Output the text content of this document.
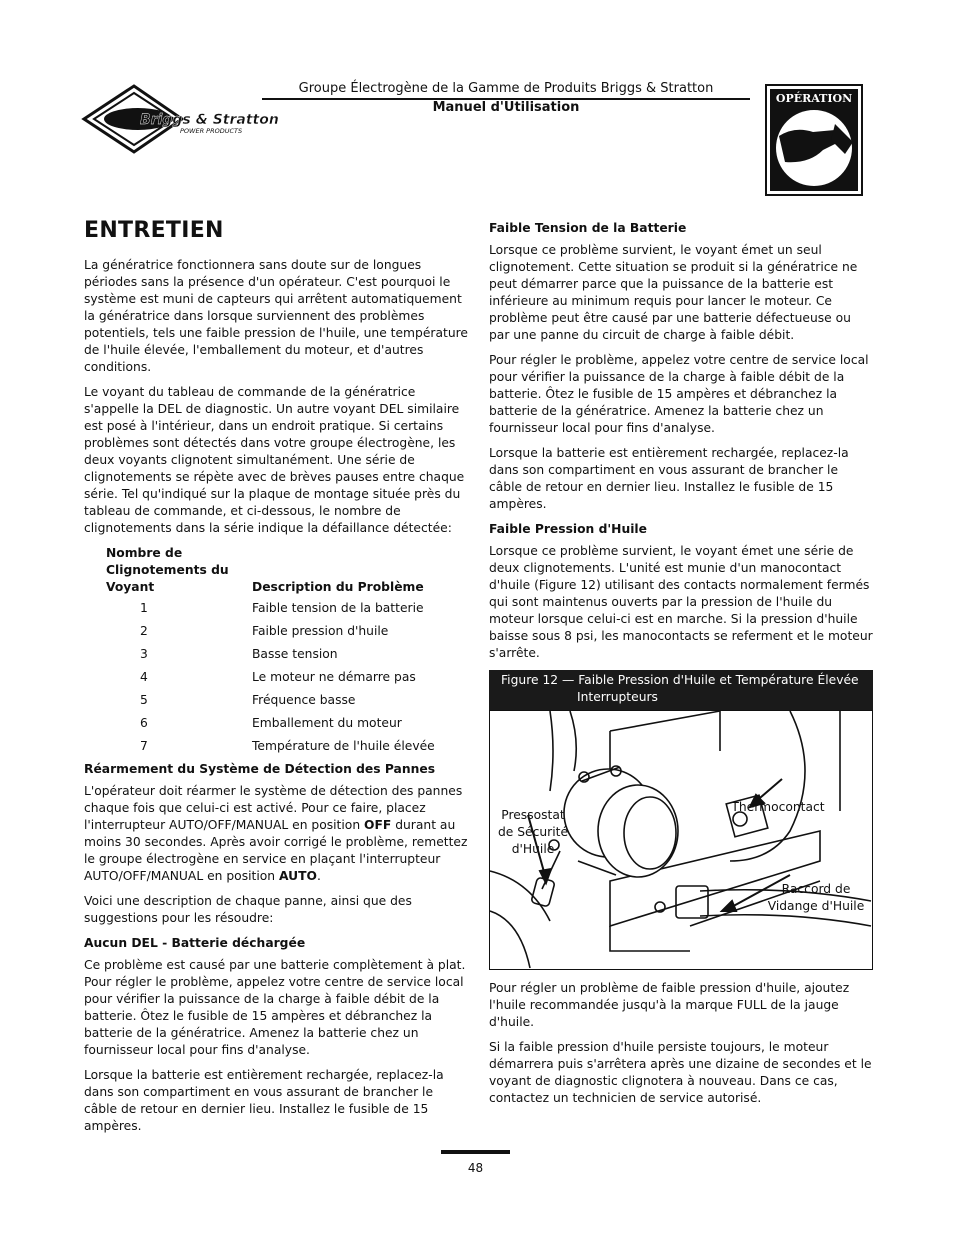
Briggs & Stratton
POWER PRODUCTS
Groupe Électrogène de la Gamme de Produits Briggs & Stratton
Manuel d'Utilisation
OPÉRATION
ENTRETIEN

La génératrice fonctionnera sans doute sur de longues périodes sans la présence d'un opérateur. C'est pourquoi le système est muni de capteurs qui arrêtent automatiquement la génératrice dans lorsque surviennent des problèmes potentiels, tels une faible pression de l'huile, une température de l'huile élevée, l'emballement du moteur, et d'autres conditions.

Le voyant du tableau de commande de la génératrice s'appelle la DEL de diagnostic. Un autre voyant DEL similaire est posé à l'intérieur, dans un endroit pratique. Si certains problèmes sont détectés dans votre groupe électrogène, les deux voyants clignotent simultanément. Une série de clignotements se répète avec de brèves pauses entre chaque série. Tel qu'indiqué sur la plaque de montage située près du tableau de commande, et ci-dessous, le nombre de clignotements dans la série indique la défaillance détectée:

Nombre de Clignotements du Voyant	Description du Problème
1	Faible tension de la batterie
2	Faible pression d'huile
3	Basse tension
4	Le moteur ne démarre pas
5	Fréquence basse
6	Emballement du moteur
7	Température de l'huile élevée
Réarmement du Système de Détection des Pannes

L'opérateur doit réarmer le système de détection des pannes chaque fois que celui-ci est activé. Pour ce faire, placez l'interrupteur AUTO/OFF/MANUAL en position OFF durant au moins 30 secondes. Après avoir corrigé le problème, remettez le groupe électrogène en service en plaçant l'interrupteur AUTO/OFF/MANUAL en position AUTO.

Voici une description de chaque panne, ainsi que des suggestions pour les résoudre:

Aucun DEL - Batterie déchargée

Ce problème est causé par une batterie complètement à plat. Pour régler le problème, appelez votre centre de service local pour vérifier la puissance de la charge à faible débit de la batterie. Ôtez le fusible de 15 ampères et débranchez la batterie de la génératrice. Amenez la batterie chez un fournisseur local pour fins d'analyse.

Lorsque la batterie est entièrement rechargée, replacez-la dans son compartiment en vous assurant de brancher le câble de retour en dernier lieu. Installez le fusible de 15 ampères.

Faible Tension de la Batterie

Lorsque ce problème survient, le voyant émet un seul clignotement. Cette situation se produit si la génératrice ne peut démarrer parce que la puissance de la batterie est inférieure au minimum requis pour lancer le moteur. Ce problème peut être causé par une batterie défectueuse ou par une panne du circuit de charge à faible débit.

Pour régler le problème, appelez votre centre de service local pour vérifier la puissance de la charge à faible débit de la batterie. Ôtez le fusible de 15 ampères et débranchez la batterie de la génératrice. Amenez la batterie chez un fournisseur local pour fins d'analyse.

Lorsque la batterie est entièrement rechargée, replacez-la dans son compartiment en vous assurant de brancher le câble de retour en dernier lieu. Installez le fusible de 15 ampères.

Faible Pression d'Huile

Lorsque ce problème survient, le voyant émet une série de deux clignotements. L'unité est munie d'un manocontact d'huile (Figure 12) utilisant des contacts normalement fermés qui sont maintenus ouverts par la pression de l'huile du moteur lorsque celui-ci est en marche. Si la pression d'huile baisse sous 8 psi, les manocontacts se referment et le moteur s'arrête.

Figure 12 — Faible Pression d'Huile et Température Élevée
Interrupteurs
Pressostat de Sécurité d'Huile
Thermocontact
Raccord de Vidange d'Huile

Pour régler un problème de faible pression d'huile, ajoutez l'huile recommandée jusqu'à la marque FULL de la jauge d'huile.

Si la faible pression d'huile persiste toujours, le moteur démarrera puis s'arrêtera après une dizaine de secondes et le voyant de diagnostic clignotera à nouveau. Dans ce cas, contactez un technicien de service autorisé.

48
